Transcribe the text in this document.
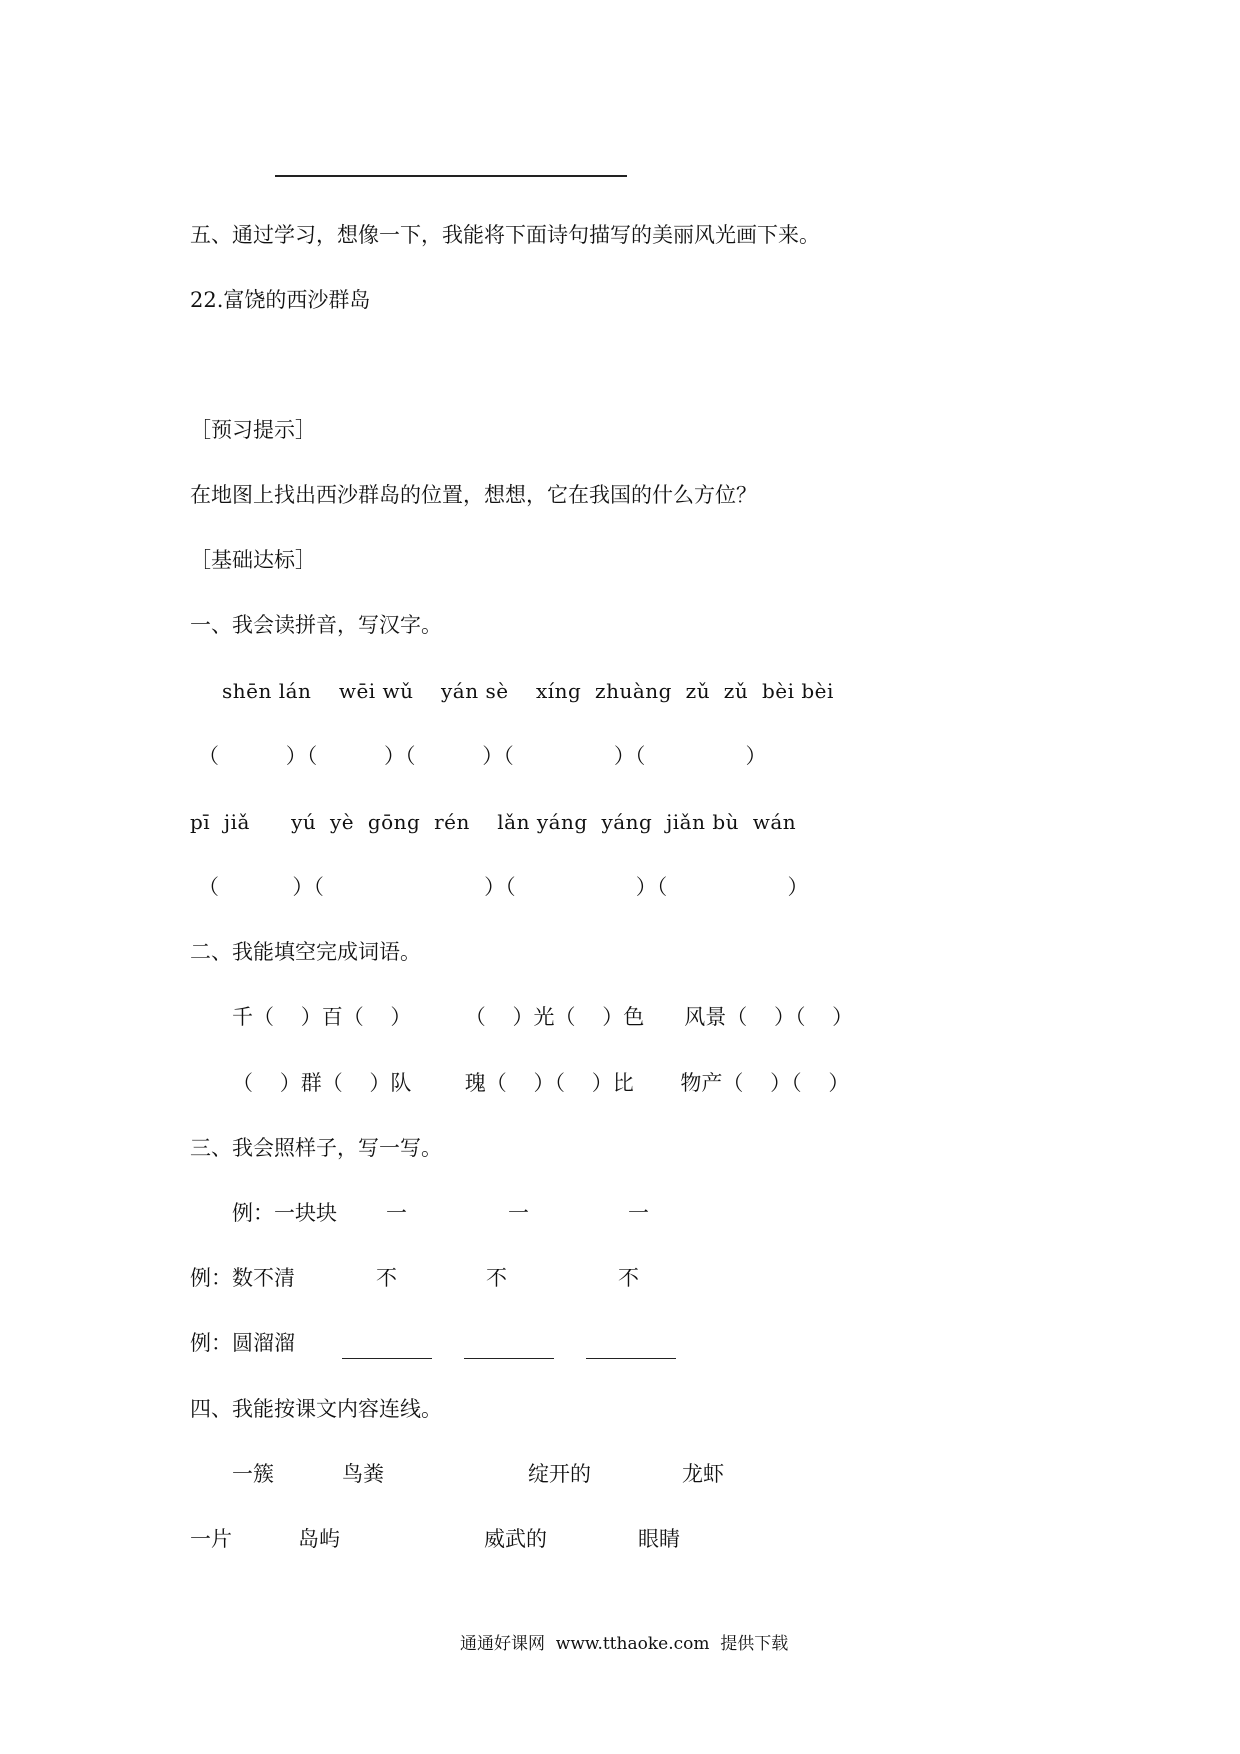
五、通过学习，想像一下，我能将下面诗句描写的美丽风光画下来。
22.富饶的西沙群岛
［预习提示］
在地图上找出西沙群岛的位置，想想，它在我国的什么方位？
［基础达标］
一、我会读拼音，写汉字。
shēn lán    wēi wǔ    yán sè    xíng  zhuàng  zǔ  zǔ  bèi bèi
（          ）（          ）（          ）（               ）（               ）
pī  jiǎ      yú  yè  gōng  rén    lǎn yáng  yáng  jiǎn bù  wán
（           ）（                        ）（                  ）（                  ）
二、我能填空完成词语。
千（    ）百（    ）        （    ）光（    ）色      风景（    ）（    ）
（    ）群（    ）队        瑰（    ）（    ）比       物产（    ）（    ）
三、我会照样子，写一写。
例：一块块 一	一	一
例：数不清	不	不	不
例：圆溜溜
四、我能按课文内容连线。
一簇	鸟粪	绽开的	龙虾
一片	岛屿	威武的	眼睛
通通好课网  www.tthaoke.com  提供下载
